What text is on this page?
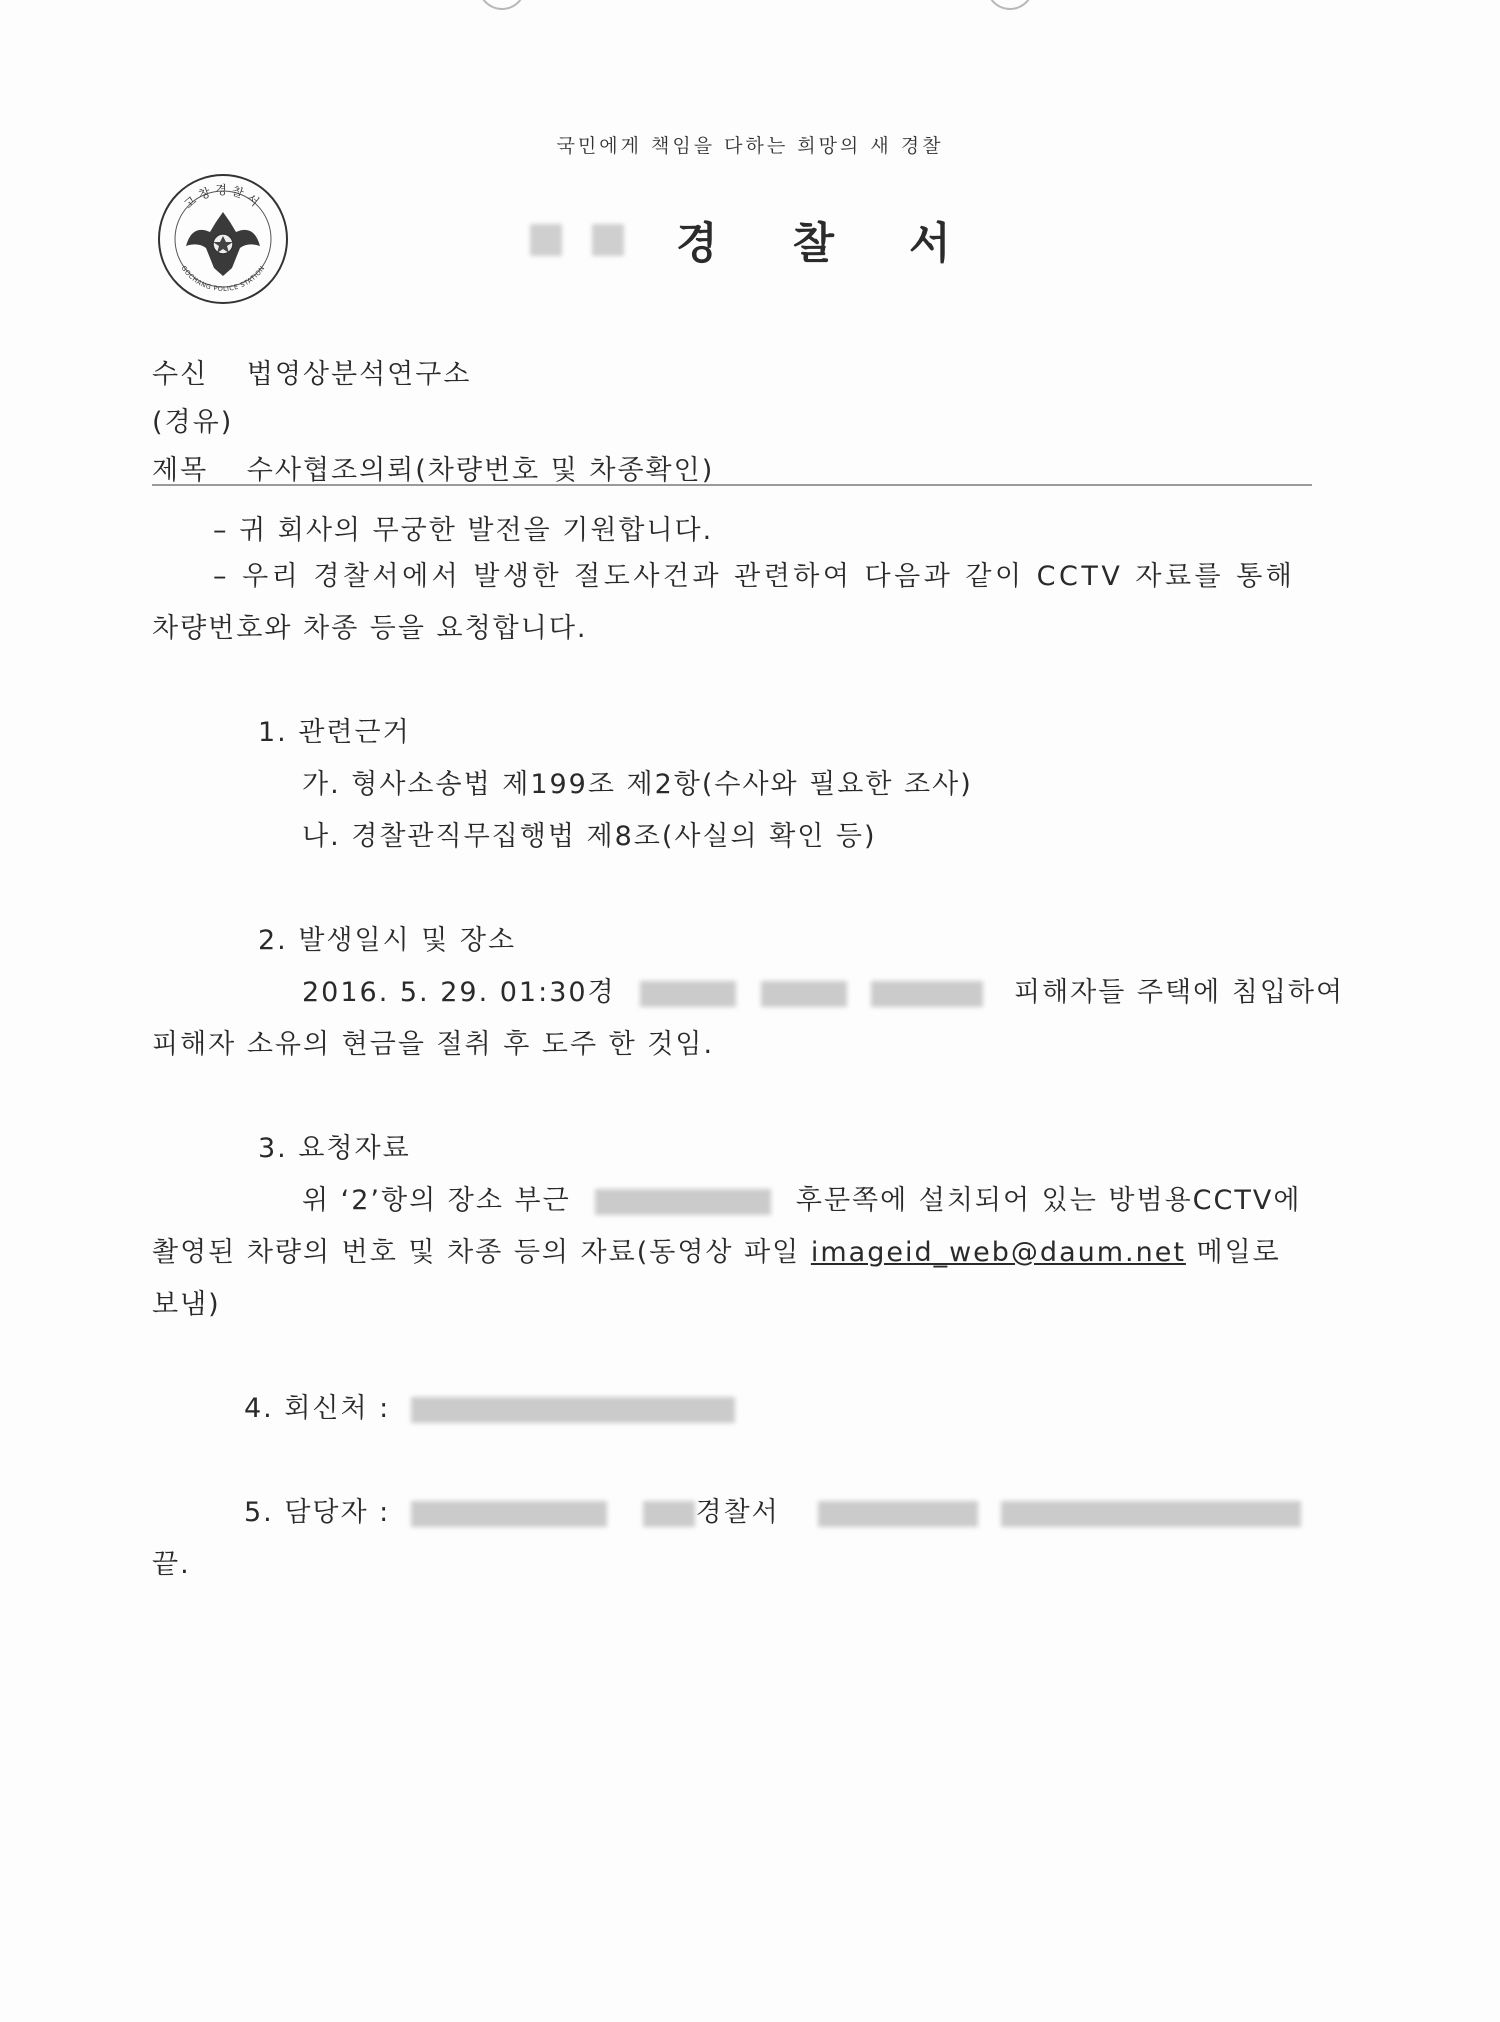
국민에게 책임을 다하는 희망의 새 경찰
고창경찰서
GOCHANG POLICE STATION
경 찰 서
수신 법영상분석연구소
(경유)
제목 수사협조의뢰(차량번호 및 차종확인)
– 귀 회사의 무궁한 발전을 기원합니다.
– 우리 경찰서에서 발생한 절도사건과 관련하여 다음과 같이 CCTV 자료를 통해
차량번호와 차종 등을 요청합니다.
1. 관련근거
가. 형사소송법 제199조 제2항(수사와 필요한 조사)
나. 경찰관직무집행법 제8조(사실의 확인 등)
2. 발생일시 및 장소
2016. 5. 29. 01:30경	피해자들 주택에 침입하여
피해자 소유의 현금을 절취 후 도주 한 것임.
3. 요청자료
위 ‘2’항의 장소 부근	후문쪽에 설치되어 있는 방범용CCTV에
촬영된 차량의 번호 및 차종 등의 자료(동영상 파일 imageid_web@daum.net 메일로
보냄)
4. 회신처 :
5. 담당자 :	경찰서
끝.
